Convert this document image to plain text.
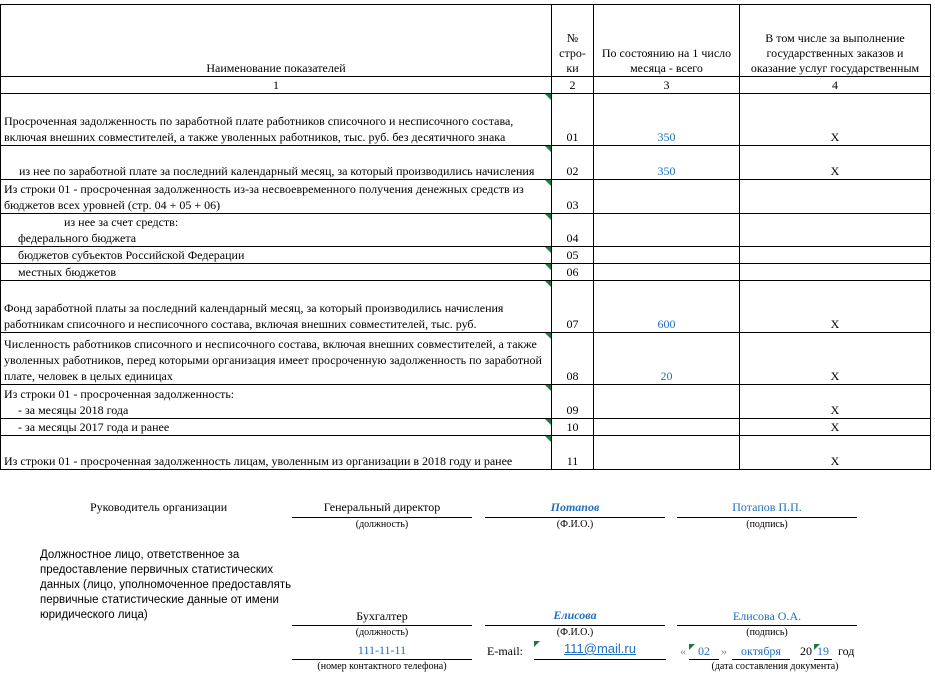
Наименование показателей	№ стро-ки	По состоянию на 1 число месяца - всего	В том числе за выполнение государственных заказов и оказание услуг государственным
1	2	3	4

Просроченная задолженность по заработной плате работников списочного и несписочного состава, включая внешних совместителей, а также уволенных работников, тыс. руб. без десятичного знака	01	350	X

из нее по заработной плате за последний календарный месяц, за который производились начисления	02	350	X

Из строки 01 - просроченная задолженность из-за несвоевременного получения денежных средств из бюджетов всех уровней (стр. 04 + 05 + 06)	03		

из нее за счет средств:
федерального бюджета	04		

бюджетов субъектов Российской Федерации	05		

местных бюджетов	06		

Фонд заработной платы за последний календарный месяц, за который производились начисления работникам списочного и несписочного состава, включая внешних совместителей, тыс. руб.	07	600	X

Численность работников списочного и несписочного состава, включая внешних совместителей, а также уволенных работников, перед которыми организация имеет просроченную задолженность по заработной плате, человек в целых единицах	08	20	X

Из строки 01 - просроченная задолженность:
- за месяцы 2018 года	09		X

- за месяцы 2017 года и ранее	10		X

Из строки 01 - просроченная задолженность лицам, уволенным из организации в 2018 году и ранее	11		X
Руководитель организации	Генеральный директор
(должность)
Потапов
(Ф.И.О.)
Потапов П.П.
(подпись)
Должностное лицо, ответственное за предоставление первичных статистических данных (лицо, уполномоченное предоставлять первичные статистические данные от имени юридического лица)	Бухгалтер
(должность)
Елисова
(Ф.И.О.)
Елисова О.А.
(подпись)
111-11-11
(номер контактного телефона)
E-mail:	111@mail.ru	«	02 »	октября	20 19 год
(дата составления документа)
